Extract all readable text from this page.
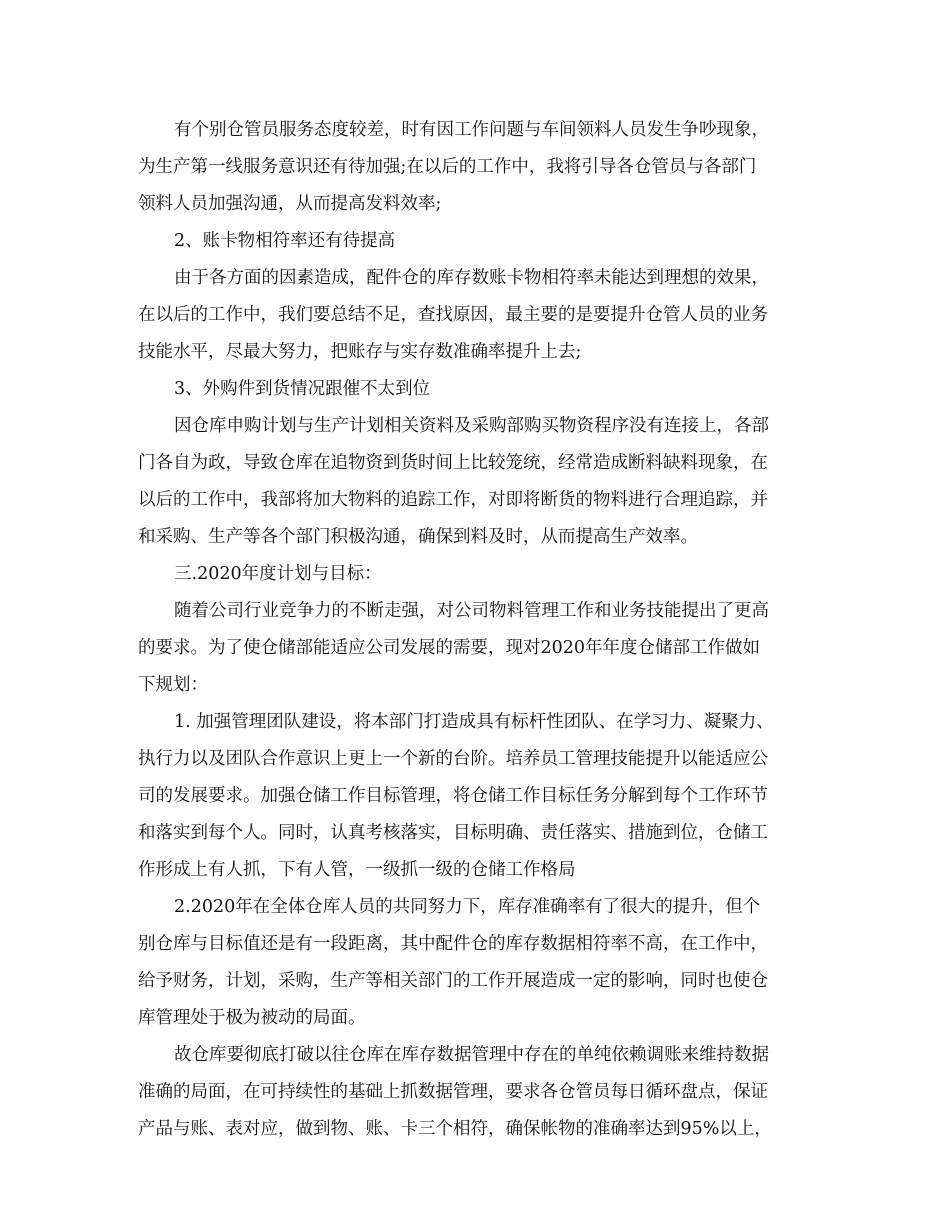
有个别仓管员服务态度较差，时有因工作问题与车间领料人员发生争吵现象，
为生产第一线服务意识还有待加强;在以后的工作中，我将引导各仓管员与各部门
领料人员加强沟通，从而提高发料效率;
2、账卡物相符率还有待提高
由于各方面的因素造成，配件仓的库存数账卡物相符率未能达到理想的效果，
在以后的工作中，我们要总结不足，查找原因，最主要的是要提升仓管人员的业务
技能水平，尽最大努力，把账存与实存数准确率提升上去;
3、外购件到货情况跟催不太到位
因仓库申购计划与生产计划相关资料及采购部购买物资程序没有连接上，各部
门各自为政，导致仓库在追物资到货时间上比较笼统，经常造成断料缺料现象，在
以后的工作中，我部将加大物料的追踪工作，对即将断货的物料进行合理追踪，并
和采购、生产等各个部门积极沟通，确保到料及时，从而提高生产效率。
三.2020年度计划与目标：
随着公司行业竞争力的不断走强，对公司物料管理工作和业务技能提出了更高
的要求。为了使仓储部能适应公司发展的需要，现对2020年年度仓储部工作做如
下规划：
1. 加强管理团队建设，将本部门打造成具有标杆性团队、在学习力、凝聚力、
执行力以及团队合作意识上更上一个新的台阶。培养员工管理技能提升以能适应公
司的发展要求。加强仓储工作目标管理，将仓储工作目标任务分解到每个工作环节
和落实到每个人。同时，认真考核落实，目标明确、责任落实、措施到位，仓储工
作形成上有人抓，下有人管，一级抓一级的仓储工作格局
2.2020年在全体仓库人员的共同努力下，库存准确率有了很大的提升，但个
别仓库与目标值还是有一段距离，其中配件仓的库存数据相符率不高，在工作中，
给予财务，计划，采购，生产等相关部门的工作开展造成一定的影响，同时也使仓
库管理处于极为被动的局面。
故仓库要彻底打破以往仓库在库存数据管理中存在的单纯依赖调账来维持数据
准确的局面，在可持续性的基础上抓数据管理，要求各仓管员每日循环盘点，保证
产品与账、表对应，做到物、账、卡三个相符，确保帐物的准确率达到95%以上，
